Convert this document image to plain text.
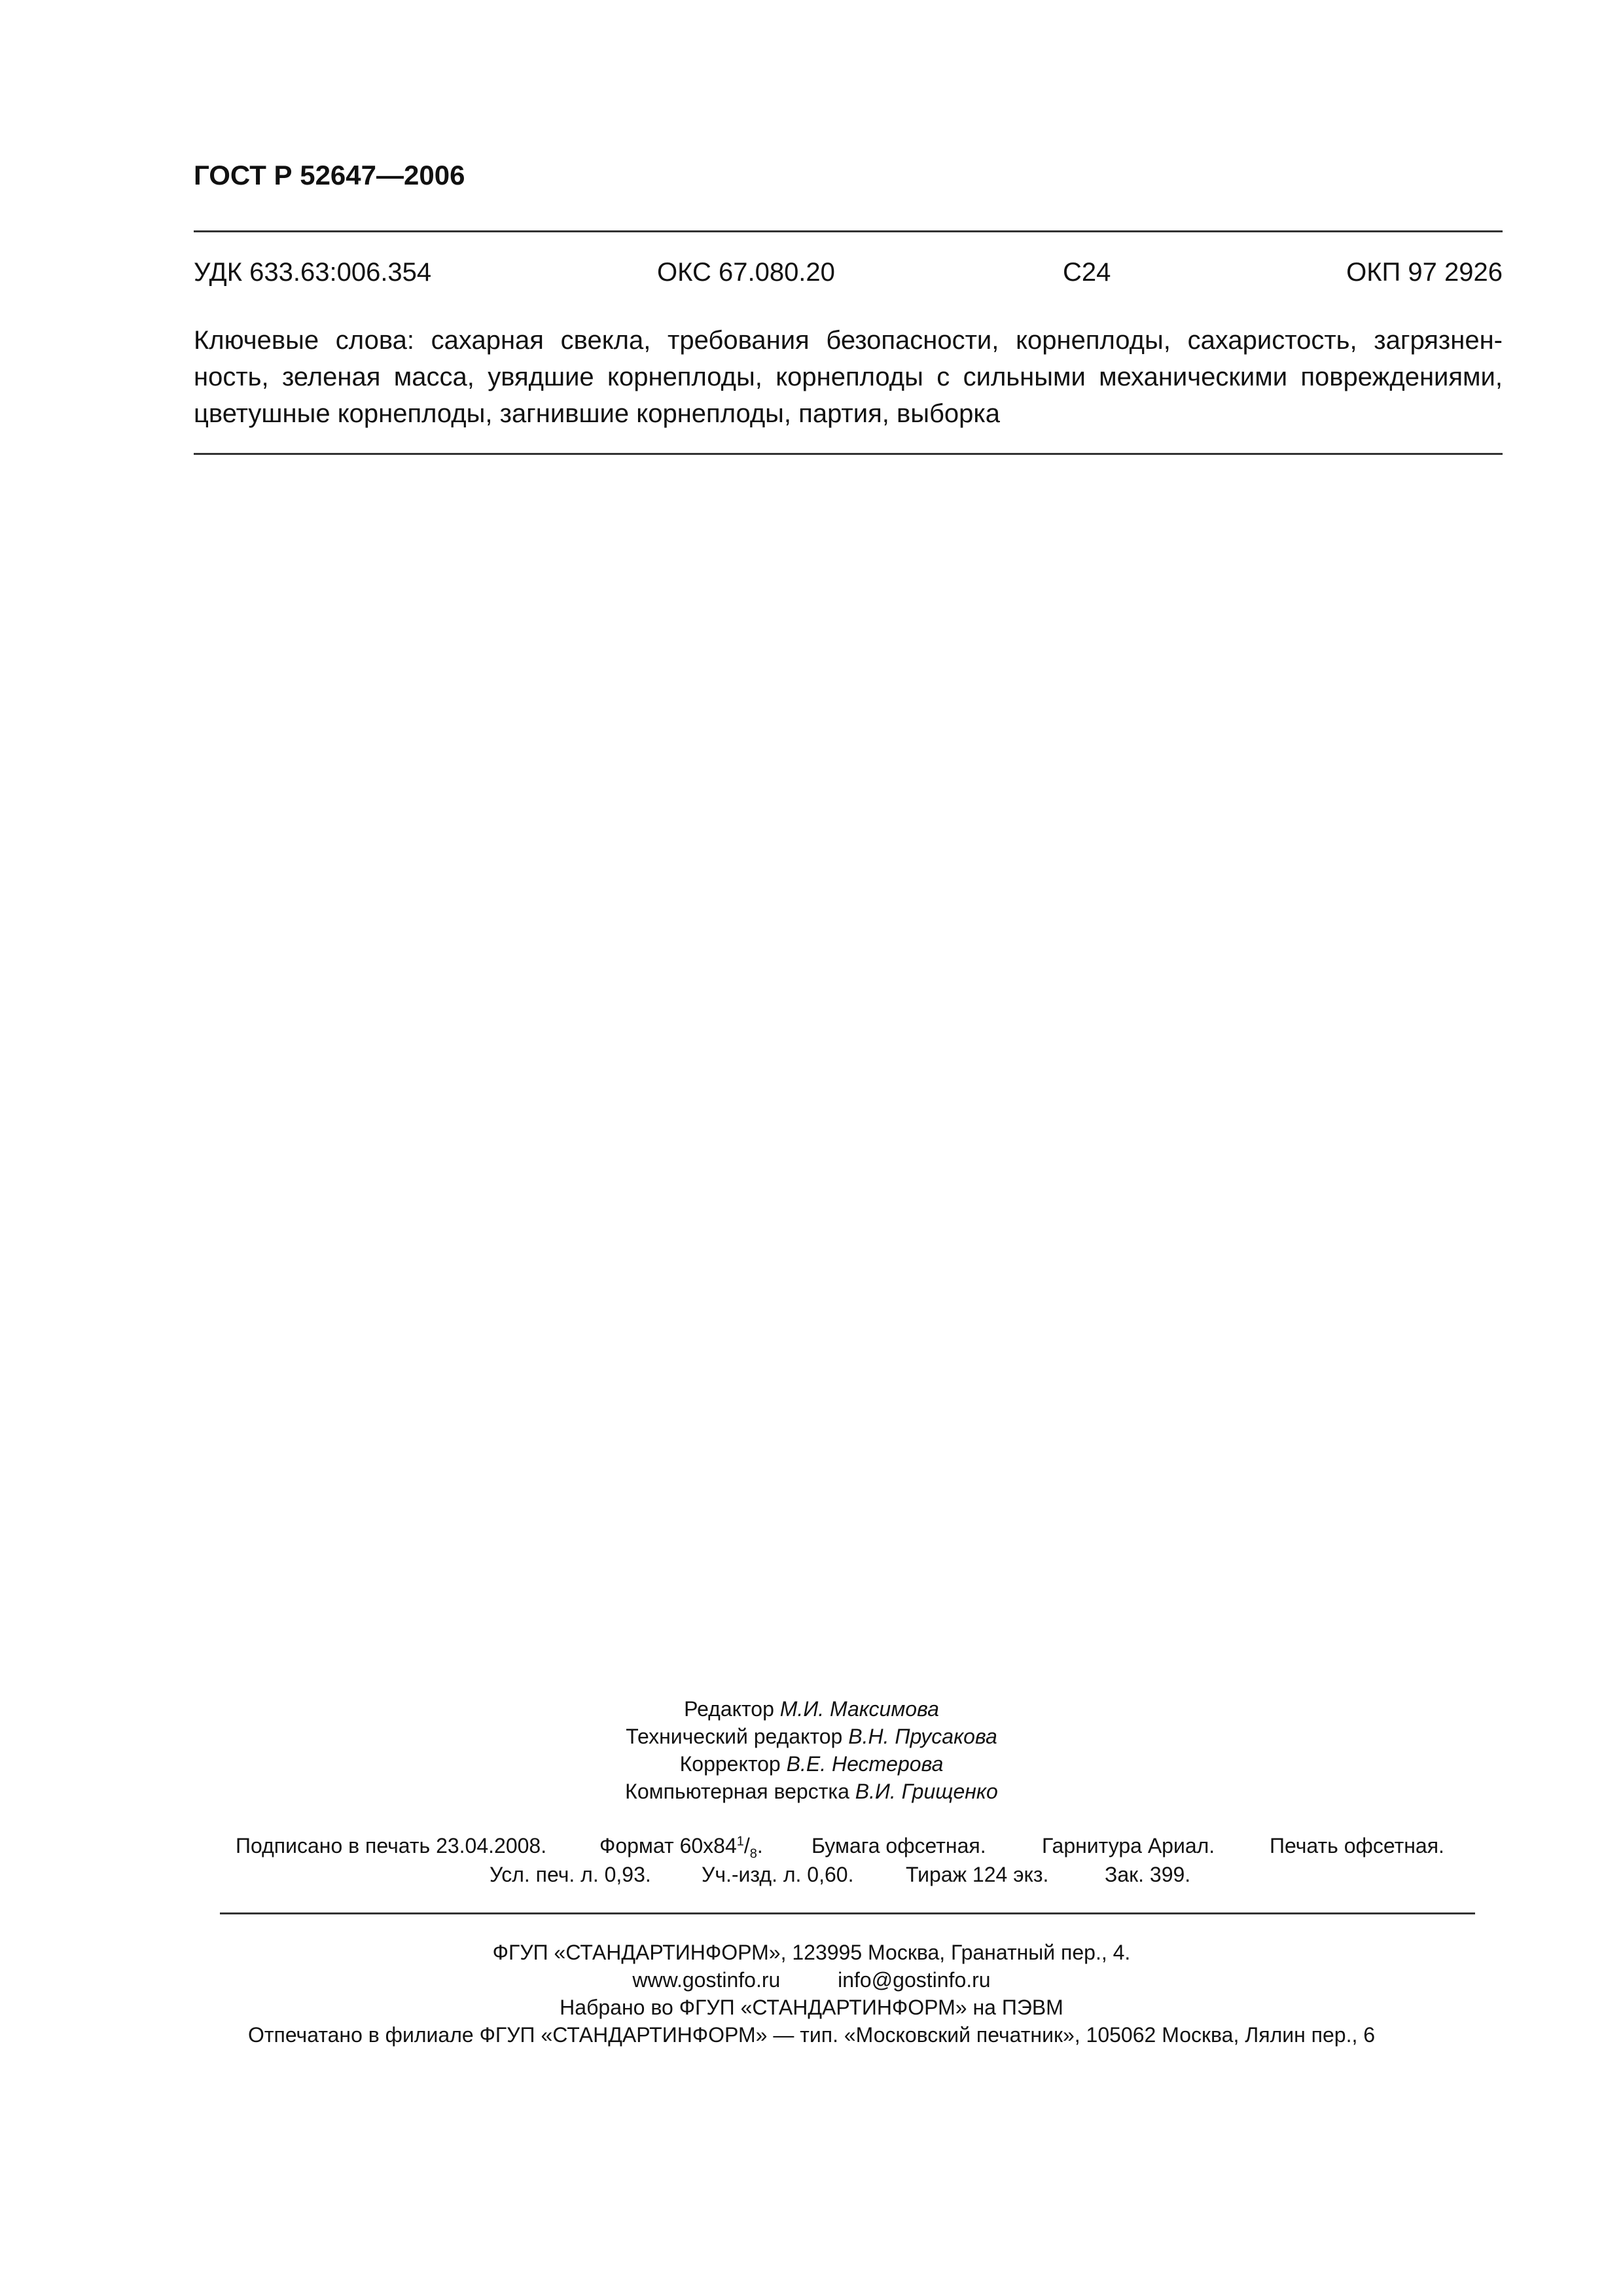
ГОСТ Р 52647—2006
УДК 633.63:006.354	ОКС 67.080.20	С24	ОКП 97 2926
Ключевые слова: сахарная свекла, требования безопасности, корнеплоды, сахаристость, загрязнен-
ность, зеленая масса, увядшие корнеплоды, корнеплоды с сильными механическими повреждениями,
цветушные корнеплоды, загнившие корнеплоды, партия, выборка
Редактор М.И. Максимова
Технический редактор В.Н. Прусакова
Корректор В.Е. Нестерова
Компьютерная верстка В.И. Грищенко
Подписано в печать 23.04.2008.	Формат $60x84^1/_8$. Бумага офсетная.	Гарнитура Ариал.	Печать офсетная.
Усл. печ. л. 0,93. Уч.-изд. л. 0,60. Тираж 124 экз.	Зак. 399.
ФГУП «СТАНДАРТИНФОРМ», 123995 Москва, Гранатный пер., 4.
www.gostinfo.ru	info@gostinfo.ru
Набрано во ФГУП «СТАНДАРТИНФОРМ» на ПЭВМ
Отпечатано в филиале ФГУП «СТАНДАРТИНФОРМ» — тип. «Московский печатник», 105062 Москва, Лялин пер., 6
